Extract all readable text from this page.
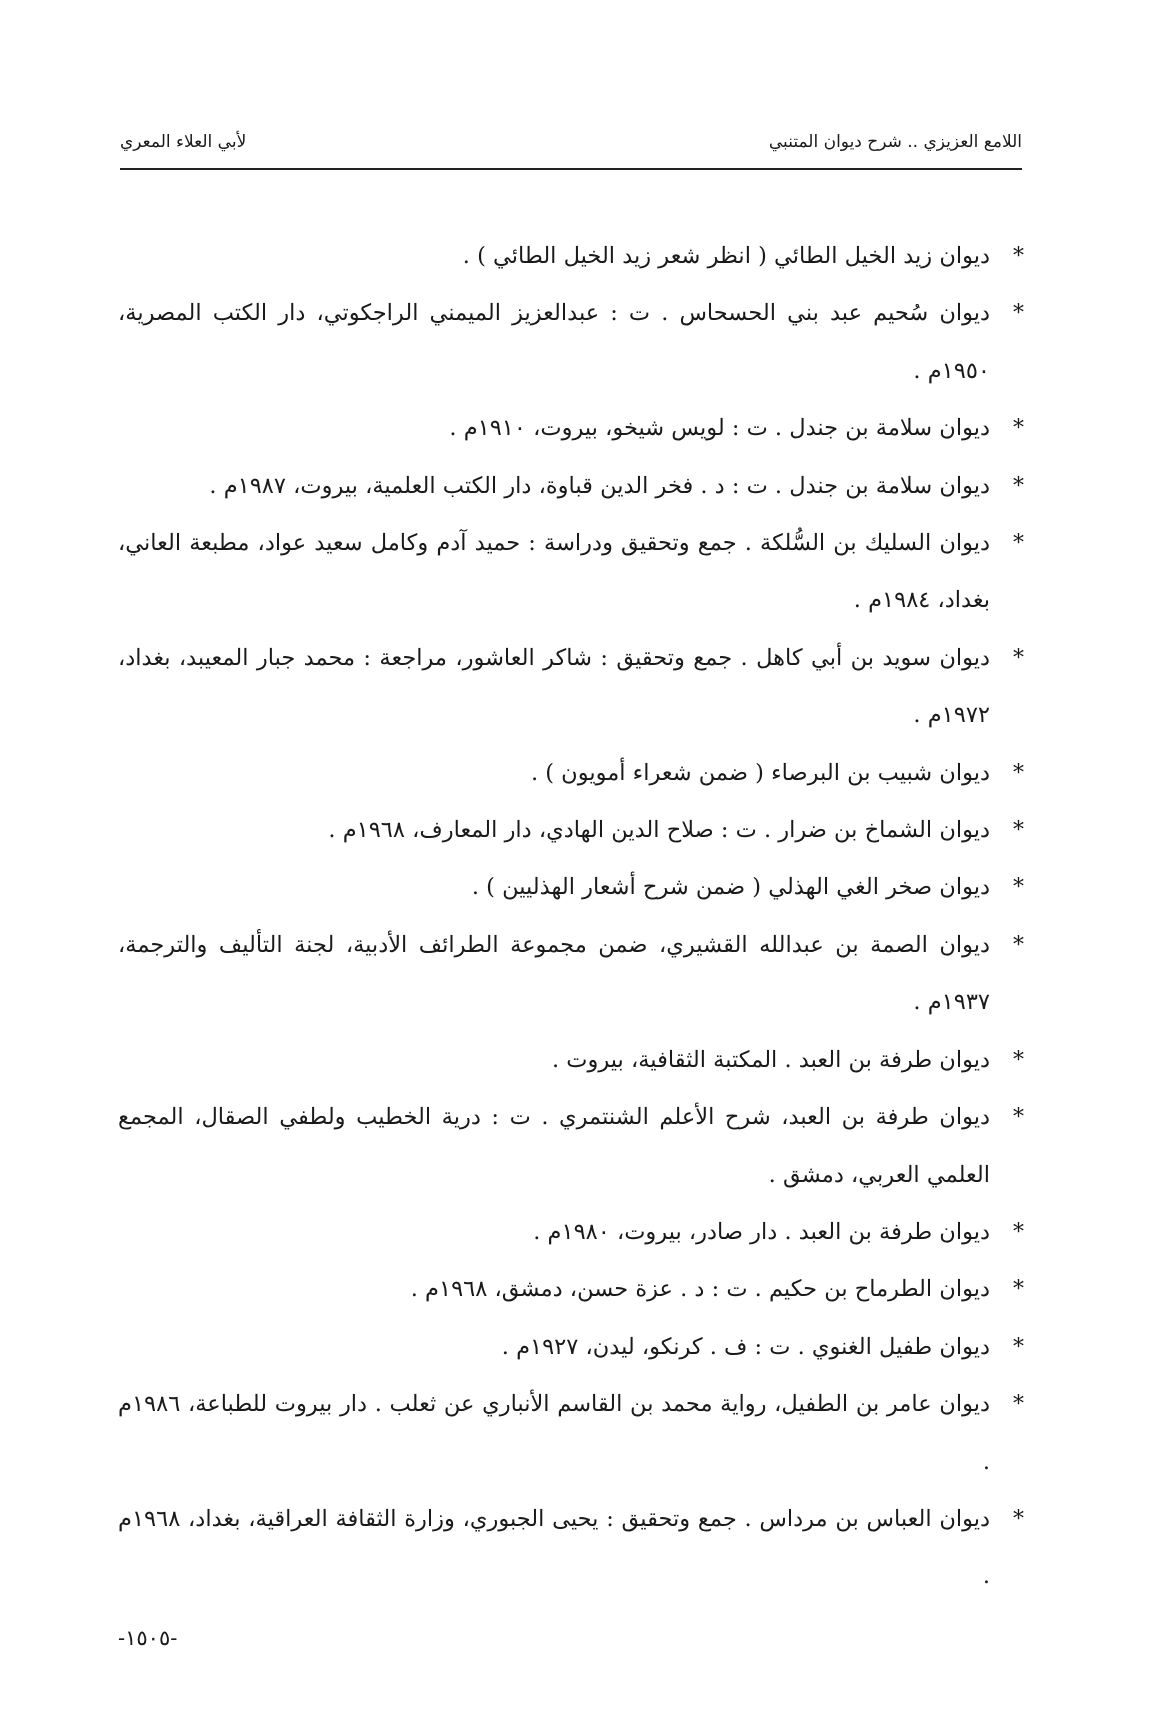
اللامع العزيزي .. شرح ديوان المتنبي
لأبي العلاء المعري
*
ديوان زيد الخيل الطائي ( انظر شعر زيد الخيل الطائي ) .
*
ديوان سُحيم عبد بني الحسحاس . ت : عبدالعزيز الميمني الراجكوتي، دار الكتب المصرية، ١٩٥٠م .
*
ديوان سلامة بن جندل . ت : لويس شيخو، بيروت، ١٩١٠م .
*
ديوان سلامة بن جندل . ت : د . فخر الدين قباوة، دار الكتب العلمية، بيروت، ١٩٨٧م .
*
ديوان السليك بن السُّلكة . جمع وتحقيق ودراسة : حميد آدم وكامل سعيد عواد، مطبعة العاني، بغداد، ١٩٨٤م .
*
ديوان سويد بن أبي كاهل . جمع وتحقيق : شاكر العاشور، مراجعة : محمد جبار المعيبد، بغداد، ١٩٧٢م .
*
ديوان شبيب بن البرصاء ( ضمن شعراء أمويون ) .
*
ديوان الشماخ بن ضرار . ت : صلاح الدين الهادي، دار المعارف، ١٩٦٨م .
*
ديوان صخر الغي الهذلي ( ضمن شرح أشعار الهذليين ) .
*
ديوان الصمة بن عبدالله القشيري، ضمن مجموعة الطرائف الأدبية، لجنة التأليف والترجمة، ١٩٣٧م .
*
ديوان طرفة بن العبد . المكتبة الثقافية، بيروت .
*
ديوان طرفة بن العبد، شرح الأعلم الشنتمري . ت : درية الخطيب ولطفي الصقال، المجمع العلمي العربي، دمشق .
*
ديوان طرفة بن العبد . دار صادر، بيروت، ١٩٨٠م .
*
ديوان الطرماح بن حكيم . ت : د . عزة حسن، دمشق، ١٩٦٨م .
*
ديوان طفيل الغنوي . ت : ف . كرنكو، ليدن، ١٩٢٧م .
*
ديوان عامر بن الطفيل، رواية محمد بن القاسم الأنباري عن ثعلب . دار بيروت للطباعة، ١٩٨٦م .
*
ديوان العباس بن مرداس . جمع وتحقيق : يحيى الجبوري، وزارة الثقافة العراقية، بغداد، ١٩٦٨م .
-١٥٠٥-
